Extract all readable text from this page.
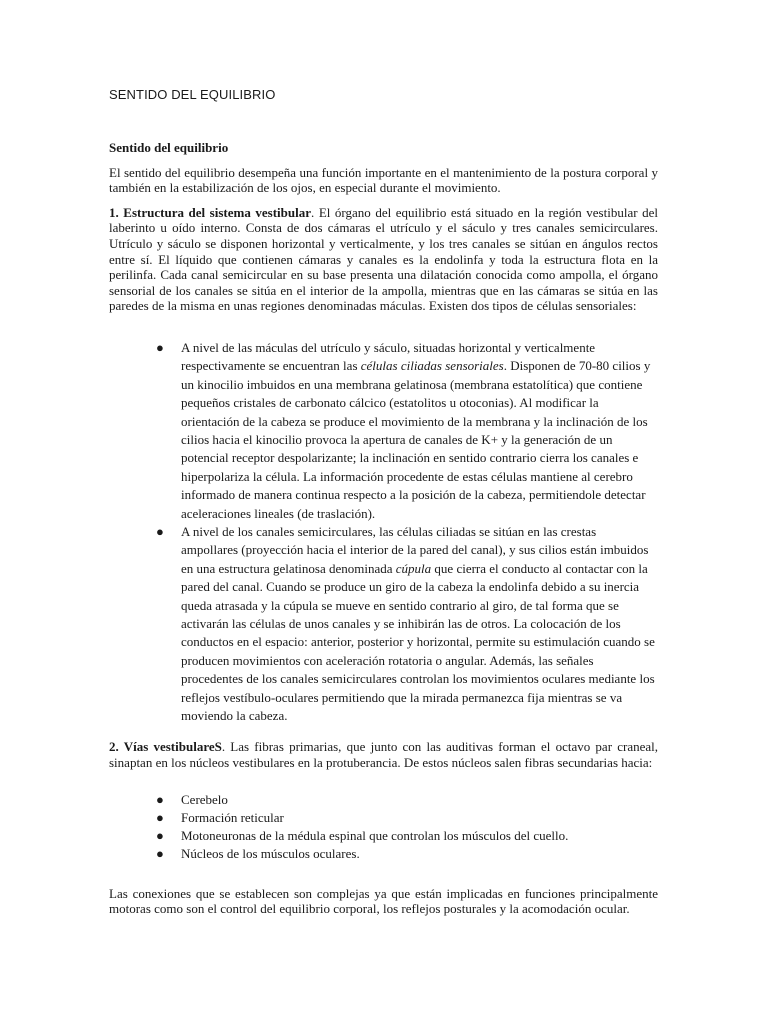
SENTIDO DEL EQUILIBRIO
Sentido del equilibrio

El sentido del equilibrio desempeña una función importante en el mantenimiento de la postura corporal y también en la estabilización de los ojos, en especial durante el movimiento.

1. Estructura del sistema vestibular. El órgano del equilibrio está situado en la región vestibular del laberinto u oído interno. Consta de dos cámaras el utrículo y el sáculo y tres canales semicirculares. Utrículo y sáculo se disponen horizontal y verticalmente, y los tres canales se sitúan en ángulos rectos entre sí. El líquido que contienen cámaras y canales es la endolinfa y toda la estructura flota en la perilinfa. Cada canal semicircular en su base presenta una dilatación conocida como ampolla, el órgano sensorial de los canales se sitúa en el interior de la ampolla, mientras que en las cámaras se sitúa en las paredes de la misma en unas regiones denominadas máculas. Existen dos tipos de células sensoriales:

● A nivel de las máculas del utrículo y sáculo, situadas horizontal y verticalmente respectivamente se encuentran las células ciliadas sensoriales. Disponen de 70-80 cilios y un kinocilio imbuidos en una membrana gelatinosa (membrana estatolítica) que contiene pequeños cristales de carbonato cálcico (estatolitos u otoconias). Al modificar la orientación de la cabeza se produce el movimiento de la membrana y la inclinación de los cilios hacia el kinocilio provoca la apertura de canales de K+ y la generación de un potencial receptor despolarizante; la inclinación en sentido contrario cierra los canales e hiperpolariza la célula. La información procedente de estas células mantiene al cerebro informado de manera continua respecto a la posición de la cabeza, permitiendole detectar aceleraciones lineales (de traslación).
● A nivel de los canales semicirculares, las células ciliadas se sitúan en las crestas ampollares (proyección hacia el interior de la pared del canal), y sus cilios están imbuidos en una estructura gelatinosa denominada cúpula que cierra el conducto al contactar con la pared del canal. Cuando se produce un giro de la cabeza la endolinfa debido a su inercia queda atrasada y la cúpula se mueve en sentido contrario al giro, de tal forma que se activarán las células de unos canales y se inhibirán las de otros. La colocación de los conductos en el espacio: anterior, posterior y horizontal, permite su estimulación cuando se producen movimientos con aceleración rotatoria o angular. Además, las señales procedentes de los canales semicirculares controlan los movimientos oculares mediante los reflejos vestíbulo-oculares permitiendo que la mirada permanezca fija mientras se va moviendo la cabeza.

2. Vías vestibulareS. Las fibras primarias, que junto con las auditivas forman el octavo par craneal, sinaptan en los núcleos vestibulares en la protuberancia. De estos núcleos salen fibras secundarias hacia:

● Cerebelo
● Formación reticular
● Motoneuronas de la médula espinal que controlan los músculos del cuello.
● Núcleos de los músculos oculares.

Las conexiones que se establecen son complejas ya que están implicadas en funciones principalmente motoras como son el control del equilibrio corporal, los reflejos posturales y la acomodación ocular.
